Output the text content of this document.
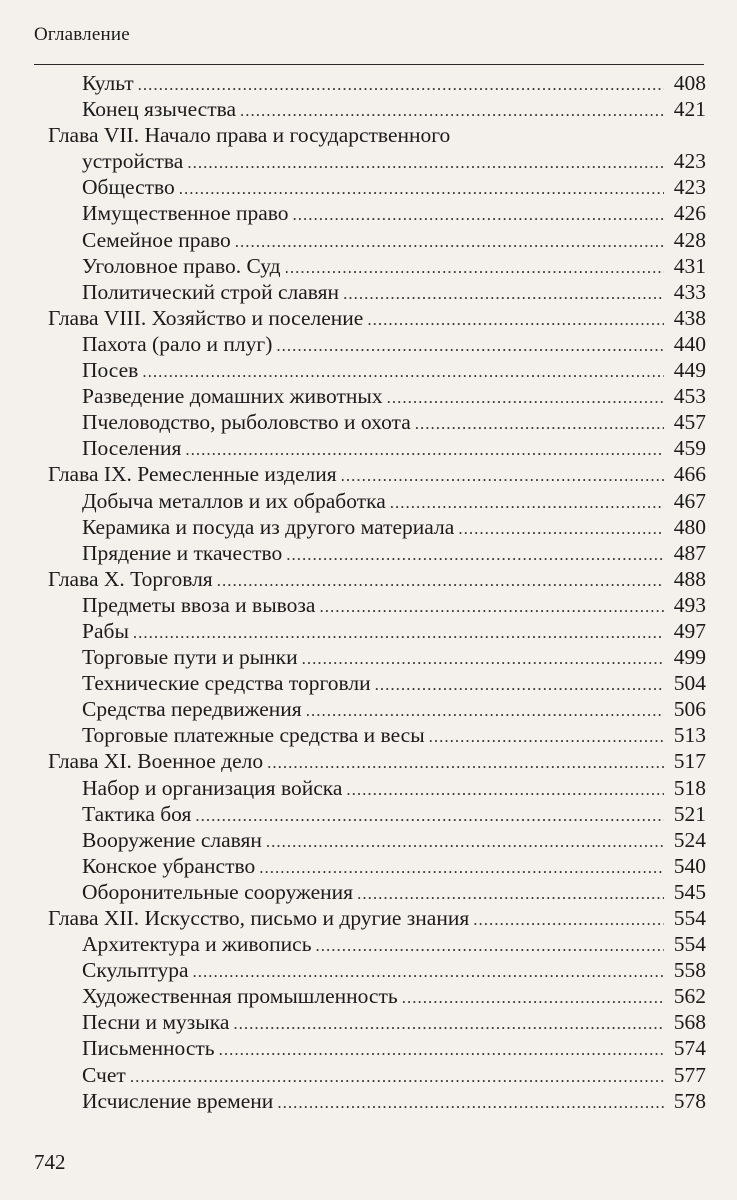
Оглавление
Культ .....	408
Конец язычества .....	421
Глава VII. Начало права и государственного
устройства .....	423
Общество .....	423
Имущественное право .....	426
Семейное право .....	428
Уголовное право. Суд .....	431
Политический строй славян .....	433
Глава VIII. Хозяйство и поселение .....	438
Пахота (рало и плуг) .....	440
Посев .....	449
Разведение домашних животных .....	453
Пчеловодство, рыболовство и охота .....	457
Поселения .....	459
Глава IX. Ремесленные изделия .....	466
Добыча металлов и их обработка .....	467
Керамика и посуда из другого материала .....	480
Прядение и ткачество .....	487
Глава X. Торговля .....	488
Предметы ввоза и вывоза .....	493
Рабы .....	497
Торговые пути и рынки .....	499
Технические средства торговли .....	504
Средства передвижения .....	506
Торговые платежные средства и весы .....	513
Глава XI. Военное дело .....	517
Набор и организация войска .....	518
Тактика боя .....	521
Вооружение славян .....	524
Конское убранство .....	540
Оборонительные сооружения .....	545
Глава XII. Искусство, письмо и другие знания .....	554
Архитектура и живопись .....	554
Скульптура .....	558
Художественная промышленность .....	562
Песни и музыка .....	568
Письменность .....	574
Счет .....	577
Исчисление времени .....	578
742
